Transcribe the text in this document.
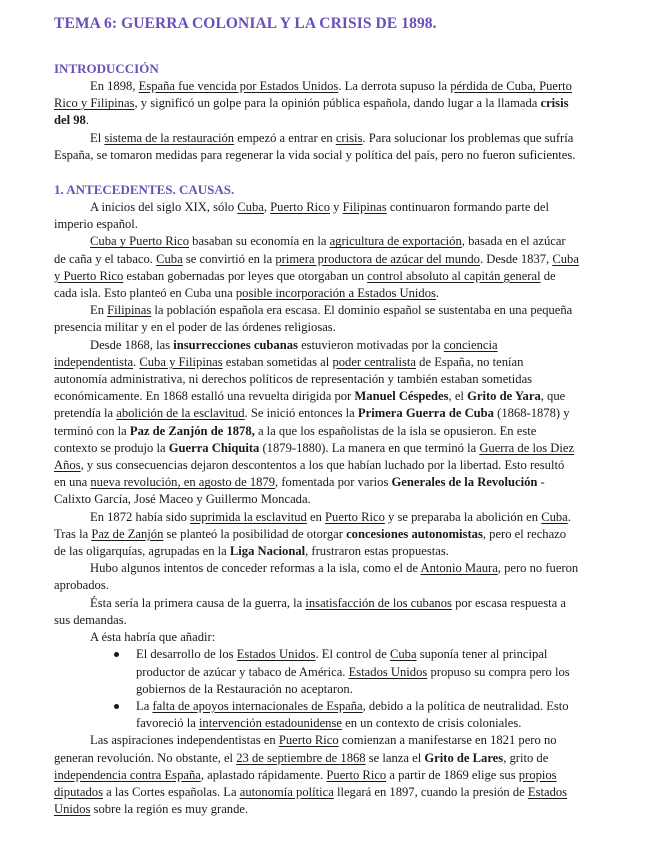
TEMA 6: GUERRA COLONIAL Y LA CRISIS DE 1898.
INTRODUCCIÓN

En 1898, España fue vencida por Estados Unidos. La derrota supuso la pérdida de Cuba, Puerto Rico y Filipinas, y significó un golpe para la opinión pública española, dando lugar a la llamada crisis del 98.

El sistema de la restauración empezó a entrar en crisis. Para solucionar los problemas que sufría España, se tomaron medidas para regenerar la vida social y política del país, pero no fueron suficientes.

1. ANTECEDENTES. CAUSAS.

A inicios del siglo XIX, sólo Cuba, Puerto Rico y Filipinas continuaron formando parte del imperio español.

Cuba y Puerto Rico basaban su economía en la agricultura de exportación, basada en el azúcar de caña y el tabaco. Cuba se convirtió en la primera productora de azúcar del mundo. Desde 1837, Cuba y Puerto Rico estaban gobernadas por leyes que otorgaban un control absoluto al capitán general de cada isla. Esto planteó en Cuba una posible incorporación a Estados Unidos.

En Filipinas la población española era escasa. El dominio español se sustentaba en una pequeña presencia militar y en el poder de las órdenes religiosas.

Desde 1868, las insurrecciones cubanas estuvieron motivadas por la conciencia independentista. Cuba y Filipinas estaban sometidas al poder centralista de España, no tenían autonomía administrativa, ni derechos políticos de representación y también estaban sometidas económicamente. En 1868 estalló una revuelta dirigida por Manuel Céspedes, el Grito de Yara, que pretendía la abolición de la esclavitud. Se inició entonces la Primera Guerra de Cuba (1868-1878) y terminó con la Paz de Zanjón de 1878, a la que los españolistas de la isla se opusieron. En este contexto se produjo la Guerra Chiquita (1879-1880). La manera en que terminó la Guerra de los Diez Años, y sus consecuencias dejaron descontentos a los que habían luchado por la libertad. Esto resultó en una nueva revolución, en agosto de 1879, fomentada por varios Generales de la Revolución - Calixto García, José Maceo y Guillermo Moncada.

En 1872 había sido suprimida la esclavitud en Puerto Rico y se preparaba la abolición en Cuba. Tras la Paz de Zanjón se planteó la posibilidad de otorgar concesiones autonomistas, pero el rechazo de las oligarquías, agrupadas en la Liga Nacional, frustraron estas propuestas.

Hubo algunos intentos de conceder reformas a la isla, como el de Antonio Maura, pero no fueron aprobados.

Ésta sería la primera causa de la guerra, la insatisfacción de los cubanos por escasa respuesta a sus demandas.

A ésta habría que añadir:

El desarrollo de los Estados Unidos. El control de Cuba suponía tener al principal productor de azúcar y tabaco de América. Estados Unidos propuso su compra pero los gobiernos de la Restauración no aceptaron.
La falta de apoyos internacionales de España, debido a la política de neutralidad. Esto favoreció la intervención estadounidense en un contexto de crisis coloniales.

Las aspiraciones independentistas en Puerto Rico comienzan a manifestarse en 1821 pero no generan revolución. No obstante, el 23 de septiembre de 1868 se lanza el Grito de Lares, grito de independencia contra España, aplastado rápidamente. Puerto Rico a partir de 1869 elige sus propios diputados a las Cortes españolas. La autonomía política llegará en 1897, cuando la presión de Estados Unidos sobre la región es muy grande.
